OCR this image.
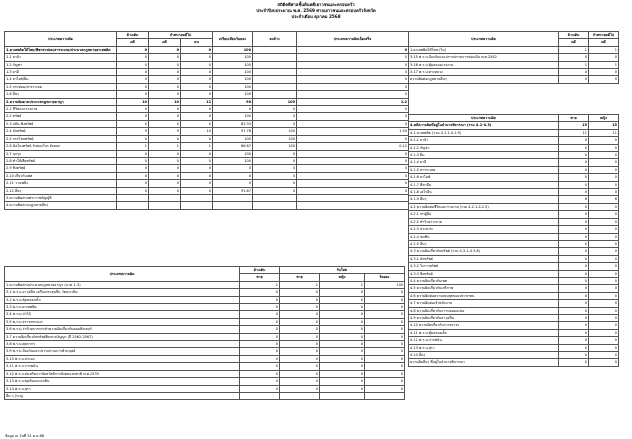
สถิติคดีศาลชั้นต้นคดีเยาวชนและครอบครัว
ประจำปีงบประมาณ พ.ศ. 2569 ศาลเยาวชนและครอบครัวจังหวัด
ประจำเดือน ตุลาคม 2568
ประเภทความผิด	ค้างเดิม	จำหน่ายคดีไป		เปรียบเทียบร้อยละ	คงค้าง	ประเภทความผิดเบ็ดเสร็จ
	คดี	คดี	คน			
1.ยาเสพติดให้โทษ/พืชกระท่อม/สารระเหย/ประมวลกฎหมายยาเสพติด	0	0	0	100		0
1.1 ยาบ้า	0	0	0	100		0
1.2 กัญชา	0	0	0	100		0
1.3 ยาอี	0	0	0	100		0
1.4 ยาไอซ์/ฝิ่น	0	0	0	100		0
1.5 กระท่อม/สารระเหย	0	0	0	100		0
1.6 อื่นๆ	0	0	0	100		0
2.ความผิดตามประมวลกฎหมายอาญา	10	10	11	90	100	1.2
2.1 ชีวิตและร่างกาย	0	0	0	0	0	0
2.2 ทรัพย์	0	0	0	100	0	0
2.3 ปล้น-ชิงทรัพย์	0	0	0	83.33	0	0
2.4 ลักทรัพย์	9	9	10	97.78	100	1.50
2.5 กรรโชกทรัพย์	0	0	0	100	100	0
2.6 ฉ้อโกงทรัพย์ รับของโจร ยักยอก	1	1	1	66.67	100	0.12
2.7 บุกรุก	0	0	0	100	0	0
2.8 ทำให้เสียทรัพย์	0	0	0	100	0	0
2.9 ชิงทรัพย์	0	0	0	0	0	0
2.10 เกี่ยวกับเพศ	0	0	0	0	0	0
2.11 วางเพลิง	0	0	0	0	0	0
2.12 อื่นๆ	0	0	0	91.67	0	0
3.ความผิดตามพระราชบัญญัติ						
4.ความผิดตามกฎหมายอื่นๆ						
ประเภทความผิด	ค้างเดิม	รับใหม่		
	ชาย	ชาย	หญิง	ร้อยละ
1.ความผิดตามประมวลกฎหมายอาญา (ภาค 1-3)	1	1	1	100
3.1 พ.ร.บ.อาวุธปืน เครื่องกระสุนปืน วัตถุระเบิด	0	0	0	0
3.2 พ.ร.บ.คุ้มครองเด็ก	0	0	0	0
3.3 พ.ร.บ.ยาเสพติด	0	0	0	0
3.4 พ.ร.บ.ป่าไม้	0	0	0	0
3.5 พ.ร.บ.จราจรทางบก	0	0	0	0
3.6 พ.ร.บ.ว่าด้วยการกระทำความผิดเกี่ยวกับคอมพิวเตอร์	0	0	0	0
3.7 ความผิดเกี่ยวกับทรัพย์สินทางปัญญา (ปี 2562-2567)	0	0	0	0
3.8 พ.ร.บ.ศุลกากร	0	0	0	0
3.9 พ.ร.บ.ป้องกันและปราบปรามการค้ามนุษย์	0	0	0	0
3.10 พ.ร.บ.ประมง	0	0	0	0
3.11 พ.ร.บ.การพนัน	0	0	0	0
3.12 พ.ร.บ.ส่งเสริมการจัดสวัสดิการสังคมแห่งชาติ พ.ศ.2535	0	0	0	0
3.13 พ.ร.บ.ขุดดินและถมดิน	0	0	0	0
3.14 พ.ร.บ.สุรา	0	0	0	0
อื่น ๆ (ระบุ)				
ประเภทความผิด	ค้างเดิม	จำหน่ายคดีไป
	คดี	คดี
1.ยาเสพติดให้โทษ (ไม่)	1	1
3.15 พ.ร.บ.ป้องกันและปราบปรามการฟอกเงิน พ.ศ.2542	0	0
3.16 พ.ร.บ.คุ้มครองแรงงาน	1	1
3.17 พ.ร.บ.ทางหลวง	0	0
ความผิดต่อกฎหมายอื่นๆ	0	0
ประเภทความผิด	ชาย	หญิง
4.คดีความผิดที่อยู่ในอำนาจพิจารณา (รวม 4.1-4.3)	15	15
4.1 ยาเสพติด (รวม 4.1.1-4.1.9)	11	11
4.1.1 ยาบ้า	0	0
4.1.2 กัญชา	0	0
4.1.3 ฝิ่น	0	0
4.1.4 ยาอี	0	0
4.1.5 สารระเหย	0	0
4.1.6 ยาไอซ์	0	0
4.1.7 คีตามีน	0	0
4.1.8 เฮโรอีน	0	0
4.1.9 อื่นๆ	6	6
4.2 ความผิดต่อชีวิตและร่างกาย (รวม 4.2.1-4.2.5)	0	0
4.2.1 ฆ่าผู้อื่น	0	0
4.2.2 ทำร้ายร่างกาย	0	0
4.2.3 ประมาท	0	0
4.2.4 ข่มขืน	0	0
4.2.5 อื่นๆ	0	0
4.3 ความผิดเกี่ยวกับทรัพย์ (รวม 4.3.1-4.3.8)	0	0
4.3.1 ลักทรัพย์	0	0
4.3.2 วิ่งราวทรัพย์	0	0
4.3.3 ชิงทรัพย์	0	0
4.4 ความผิดเกี่ยวกับเพศ	0	0
4.5 ความผิดเกี่ยวกับเสรีภาพ	0	0
4.6 ความผิดต่อความสงบสุขของประชาชน	0	0
4.7 ความผิดต่อเจ้าพนักงาน	0	0
4.8 ความผิดเกี่ยวกับการปลอมแปลง	0	0
4.9 ความผิดเกี่ยวกับอาวุธปืน	0	0
4.10 ความผิดเกี่ยวกับการจราจร	0	0
4.11 พ.ร.บ.คุ้มครองเด็ก	0	0
4.12 พ.ร.บ.การพนัน	0	0
4.13 พ.ร.บ.สุรา	0	0
4.14 อื่นๆ	0	0
ความผิดอื่นๆ ที่อยู่ในอำนาจพิจารณา	0	0
ข้อมูล ณ วันที่ 31 ต.ค.68
